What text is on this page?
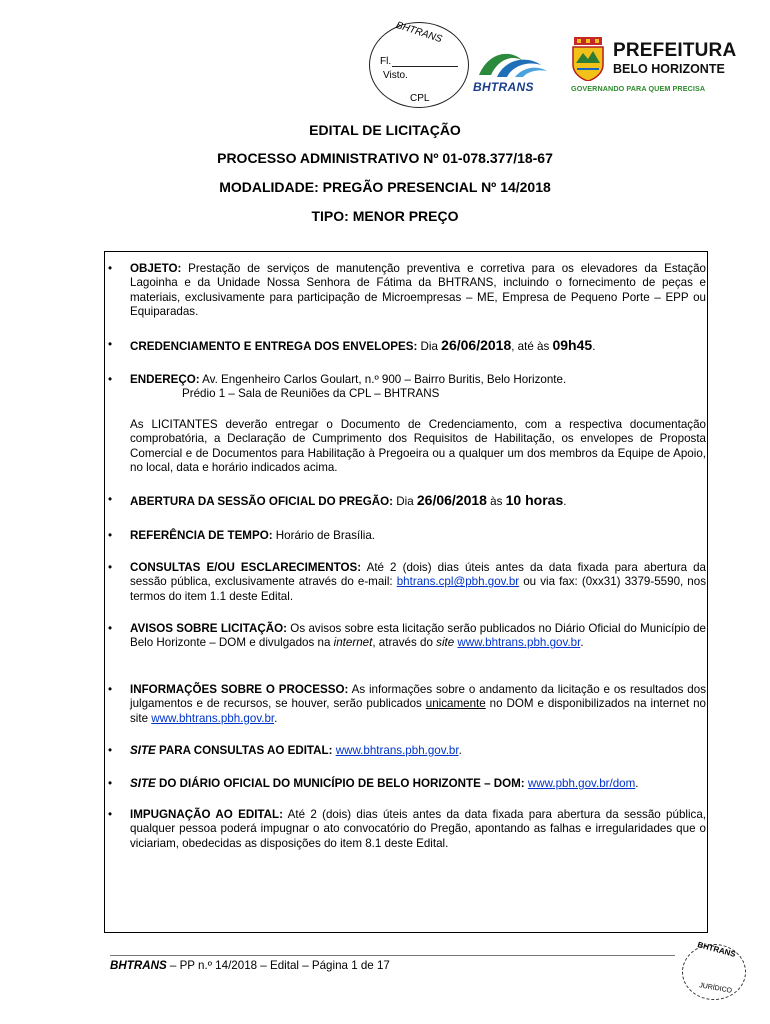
BHTRANS
Fl.
Visto.
CPL
BHTRANS
PREFEITURA
BELO HORIZONTE
GOVERNANDO PARA QUEM PRECISA
EDITAL DE LICITAÇÃO
PROCESSO ADMINISTRATIVO Nº 01-078.377/18-67
MODALIDADE: PREGÃO PRESENCIAL Nº 14/2018
TIPO: MENOR PREÇO
• OBJETO: Prestação de serviços de manutenção preventiva e corretiva para os elevadores da Estação Lagoinha e da Unidade Nossa Senhora de Fátima da BHTRANS, incluindo o fornecimento de peças e materiais, exclusivamente para participação de Microempresas – ME, Empresa de Pequeno Porte – EPP ou Equiparadas.
• CREDENCIAMENTO E ENTREGA DOS ENVELOPES: Dia 26/06/2018, até às 09h45.
• ENDEREÇO: Av. Engenheiro Carlos Goulart, n.º 900 – Bairro Buritis, Belo Horizonte.
Prédio 1 – Sala de Reuniões da CPL – BHTRANS
As LICITANTES deverão entregar o Documento de Credenciamento, com a respectiva documentação comprobatória, a Declaração de Cumprimento dos Requisitos de Habilitação, os envelopes de Proposta Comercial e de Documentos para Habilitação à Pregoeira ou a qualquer um dos membros da Equipe de Apoio, no local, data e horário indicados acima.
• ABERTURA DA SESSÃO OFICIAL DO PREGÃO: Dia 26/06/2018 às 10 horas.
• REFERÊNCIA DE TEMPO: Horário de Brasília.
• CONSULTAS E/OU ESCLARECIMENTOS: Até 2 (dois) dias úteis antes da data fixada para abertura da sessão pública, exclusivamente através do e-mail: bhtrans.cpl@pbh.gov.br ou via fax: (0xx31) 3379-5590, nos termos do item 1.1 deste Edital.
• AVISOS SOBRE LICITAÇÃO: Os avisos sobre esta licitação serão publicados no Diário Oficial do Município de Belo Horizonte – DOM e divulgados na internet, através do site www.bhtrans.pbh.gov.br.
• INFORMAÇÕES SOBRE O PROCESSO: As informações sobre o andamento da licitação e os resultados dos julgamentos e de recursos, se houver, serão publicados unicamente no DOM e disponibilizados na internet no site www.bhtrans.pbh.gov.br.
• SITE PARA CONSULTAS AO EDITAL: www.bhtrans.pbh.gov.br.
• SITE DO DIÁRIO OFICIAL DO MUNICÍPIO DE BELO HORIZONTE – DOM: www.pbh.gov.br/dom.
• IMPUGNAÇÃO AO EDITAL: Até 2 (dois) dias úteis antes da data fixada para abertura da sessão pública, qualquer pessoa poderá impugnar o ato convocatório do Pregão, apontando as falhas e irregularidades que o viciariam, obedecidas as disposições do item 8.1 deste Edital.
BHTRANS – PP n.º 14/2018 – Edital – Página 1 de 17
BHTRANS
JURÍDICO
